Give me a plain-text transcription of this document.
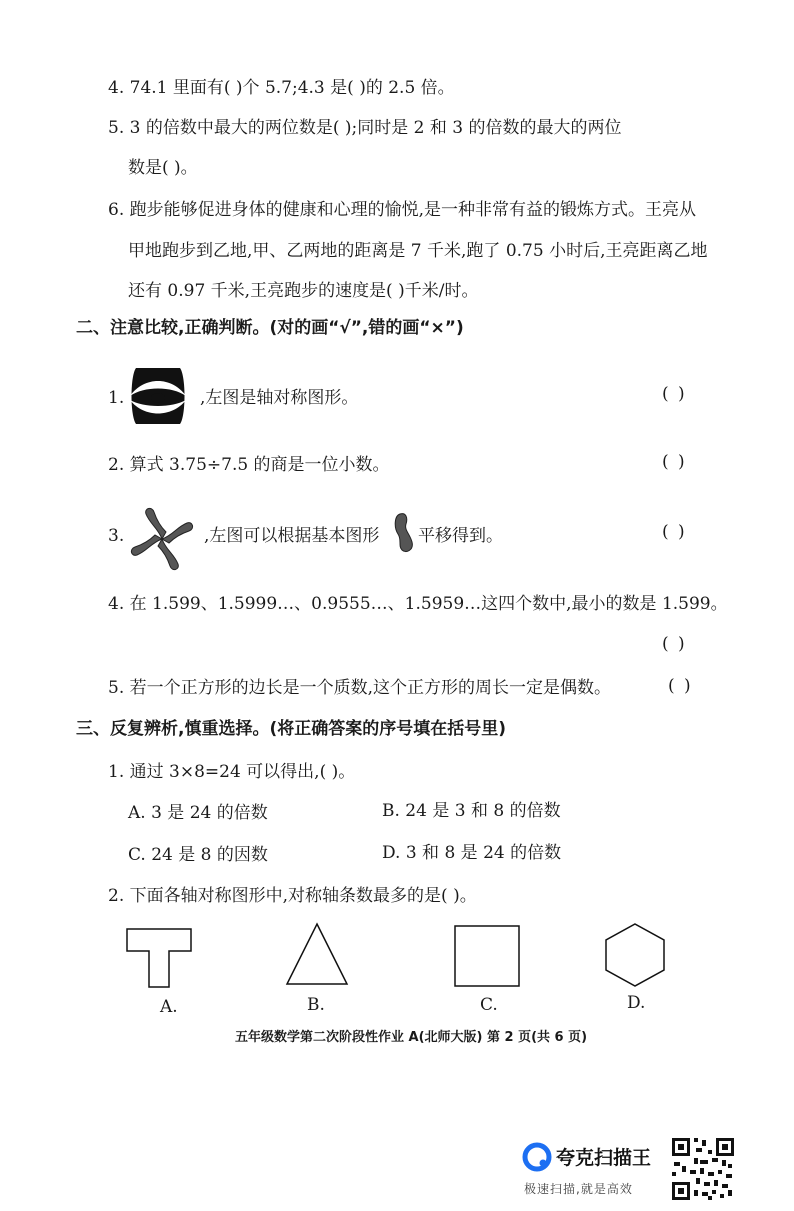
4. 74.1 里面有( )个 5.7;4.3 是( )的 2.5 倍。
5. 3 的倍数中最大的两位数是( );同时是 2 和 3 的倍数的最大的两位
数是( )。
6. 跑步能够促进身体的健康和心理的愉悦,是一种非常有益的锻炼方式。王亮从
甲地跑步到乙地,甲、乙两地的距离是 7 千米,跑了 0.75 小时后,王亮距离乙地
还有 0.97 千米,王亮跑步的速度是( )千米/时。
二、注意比较,正确判断。(对的画“√”,错的画“×”)
1.	,左图是轴对称图形。	( )
2. 算式 3.75÷7.5 的商是一位小数。	( )
3.	,左图可以根据基本图形 平移得到。	( )
4. 在 1.599、1.5999…、0.9555…、1.5959…这四个数中,最小的数是 1.599。
( )
5. 若一个正方形的边长是一个质数,这个正方形的周长一定是偶数。	( )
三、反复辨析,慎重选择。(将正确答案的序号填在括号里)
1. 通过 3×8=24 可以得出,( )。
A. 3 是 24 的倍数	B. 24 是 3 和 8 的倍数
C. 24 是 8 的因数	D. 3 和 8 是 24 的倍数
2. 下面各轴对称图形中,对称轴条数最多的是( )。
A.	B.	C.	D.
五年级数学第二次阶段性作业 A(北师大版) 第 2 页(共 6 页)
夸克扫描王
极速扫描,就是高效
